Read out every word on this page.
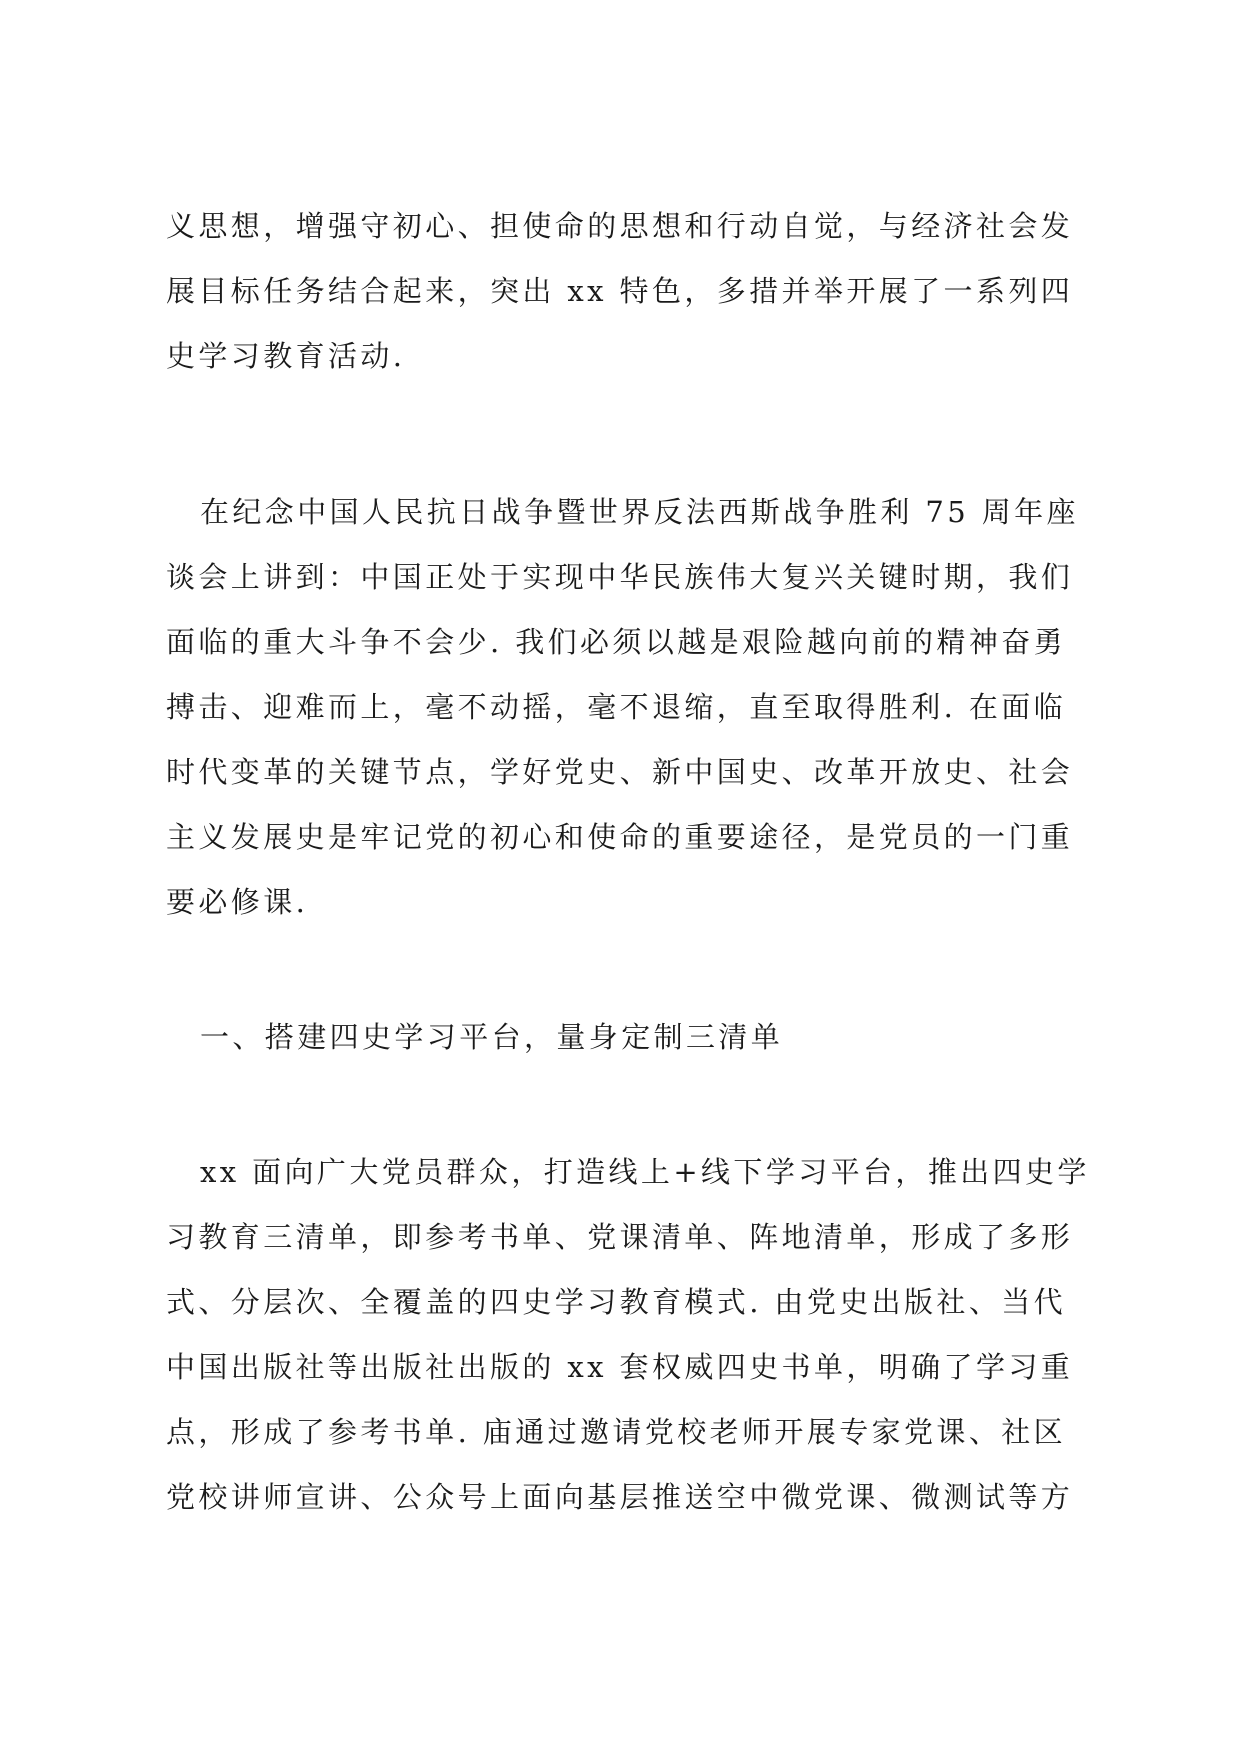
义思想，增强守初心、担使命的思想和行动自觉，与经济社会发
展目标任务结合起来，突出 xx 特色，多措并举开展了一系列四
史学习教育活动.
在纪念中国人民抗日战争暨世界反法西斯战争胜利 75 周年座
谈会上讲到：中国正处于实现中华民族伟大复兴关键时期，我们
面临的重大斗争不会少. 我们必须以越是艰险越向前的精神奋勇
搏击、迎难而上，毫不动摇，毫不退缩，直至取得胜利. 在面临
时代变革的关键节点，学好党史、新中国史、改革开放史、社会
主义发展史是牢记党的初心和使命的重要途径，是党员的一门重
要必修课.
一、搭建四史学习平台，量身定制三清单
xx 面向广大党员群众，打造线上+线下学习平台，推出四史学
习教育三清单，即参考书单、党课清单、阵地清单，形成了多形
式、分层次、全覆盖的四史学习教育模式. 由党史出版社、当代
中国出版社等出版社出版的 xx 套权威四史书单，明确了学习重
点，形成了参考书单. 庙通过邀请党校老师开展专家党课、社区
党校讲师宣讲、公众号上面向基层推送空中微党课、微测试等方
